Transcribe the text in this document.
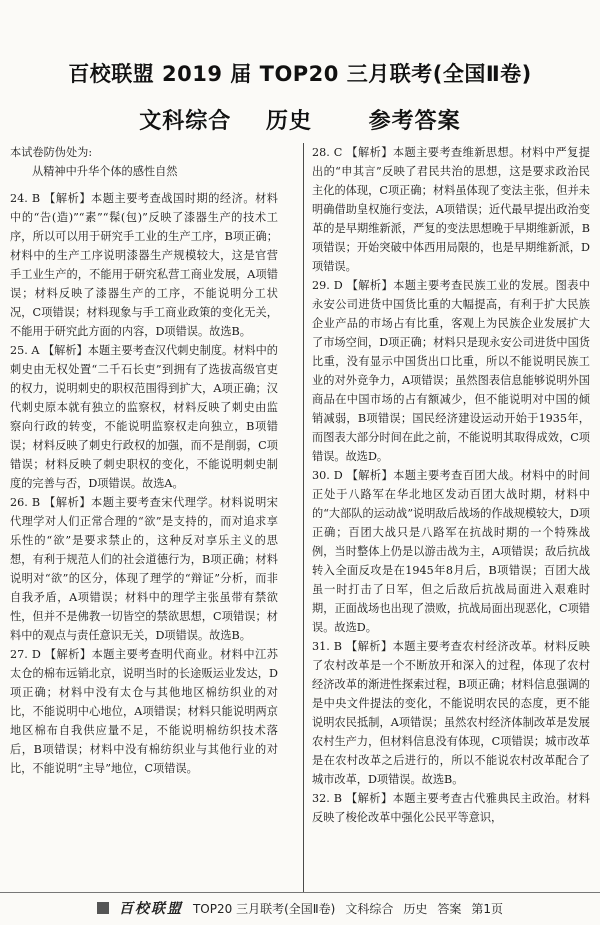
百校联盟 2019 届 TOP20 三月联考(全国Ⅱ卷)
文科综合 历史	参考答案
本试卷防伪处为:
从精神中升华个体的感性自然
24. B 【解析】本题主要考查战国时期的经济。材料中的“告(造)”“素”“髹(包)”反映了漆器生产的技术工序，所以可以用于研究手工业的生产工序，B项正确；材料中的生产工序说明漆器生产规模较大，这是官营手工业生产的，不能用于研究私营工商业发展，A项错误；材料反映了漆器生产的工序，不能说明分工状况，C项错误；材料现象与手工商业政策的变化无关，不能用于研究此方面的内容，D项错误。故选B。
25. A 【解析】本题主要考查汉代刺史制度。材料中的刺史由无权处置“二千石长吏”到拥有了选拔高级官吏的权力，说明刺史的职权范围得到扩大，A项正确；汉代刺史原本就有独立的监察权，材料反映了刺史由监察向行政的转变，不能说明监察权走向独立，B项错误；材料反映了刺史行政权的加强，而不是削弱，C项错误；材料反映了刺史职权的变化，不能说明刺史制度的完善与否，D项错误。故选A。
26. B 【解析】本题主要考查宋代理学。材料说明宋代理学对人们正常合理的“欲”是支持的，而对追求享乐性的“欲”是要求禁止的，这种反对享乐主义的思想，有利于规范人们的社会道德行为，B项正确；材料说明对“欲”的区分，体现了理学的“辩证”分析，而非自我矛盾，A项错误；材料中的理学主张虽带有禁欲性，但并不是佛教一切皆空的禁欲思想，C项错误；材料中的观点与责任意识无关，D项错误。故选B。
27. D 【解析】本题主要考查明代商业。材料中江苏太仓的棉布远销北京，说明当时的长途贩运业发达，D项正确；材料中没有太仓与其他地区棉纺织业的对比，不能说明中心地位，A项错误；材料只能说明两京地区棉布自我供应量不足，不能说明棉纺织技术落后，B项错误；材料中没有棉纺织业与其他行业的对比，不能说明“主导”地位，C项错误。
28. C 【解析】本题主要考查维新思想。材料中严复提出的“申其言”反映了君民共治的思想，这是要求政治民主化的体现，C项正确；材料虽体现了变法主张，但并未明确借助皇权施行变法，A项错误；近代最早提出政治变革的是早期维新派，严复的变法思想晚于早期维新派，B项错误；开始突破中体西用局限的，也是早期维新派，D项错误。
29. D 【解析】本题主要考查民族工业的发展。图表中永安公司进货中国货比重的大幅提高，有利于扩大民族企业产品的市场占有比重，客观上为民族企业发展扩大了市场空间，D项正确；材料只是现永安公司进货中国货比重，没有显示中国货出口比重，所以不能说明民族工业的对外竞争力，A项错误；虽然图表信息能够说明外国商品在中国市场的占有额减少，但不能说明对中国的倾销减弱，B项错误；国民经济建设运动开始于1935年，而图表大部分时间在此之前，不能说明其取得成效，C项错误。故选D。
30. D 【解析】本题主要考查百团大战。材料中的时间正处于八路军在华北地区发动百团大战时期，材料中的“大部队的运动战”说明敌后战场的作战规模较大，D项正确；百团大战只是八路军在抗战时期的一个特殊战例，当时整体上仍是以游击战为主，A项错误；敌后抗战转入全面反攻是在1945年8月后，B项错误；百团大战虽一时打击了日军，但之后敌后抗战局面进入艰难时期，正面战场也出现了溃败，抗战局面出现恶化，C项错误。故选D。
31. B 【解析】本题主要考查农村经济改革。材料反映了农村改革是一个不断放开和深入的过程，体现了农村经济改革的渐进性探索过程，B项正确；材料信息强调的是中央文件提法的变化，不能说明农民的态度，更不能说明农民抵制，A项错误；虽然农村经济体制改革是发展农村生产力，但材料信息没有体现，C项错误；城市改革是在农村改革之后进行的，所以不能说农村改革配合了城市改革，D项错误。故选B。
32. B 【解析】本题主要考查古代雅典民主政治。材料反映了梭伦改革中强化公民平等意识，
百校联盟 TOP20 三月联考(全国Ⅱ卷) 文科综合 历史 答案 第1页
